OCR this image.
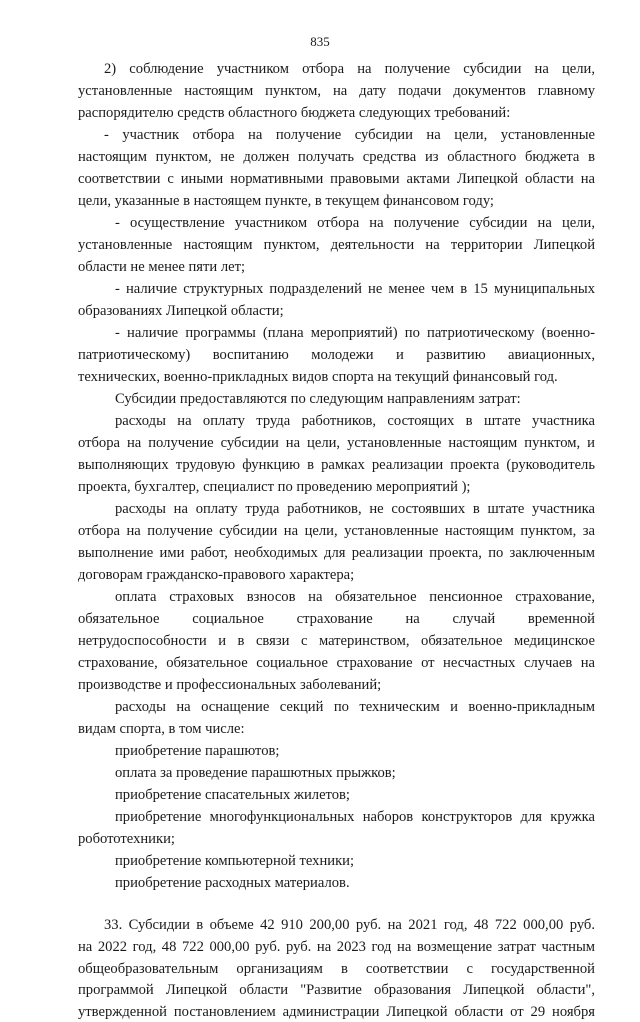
835
2) соблюдение участником отбора на получение субсидии на цели,
установленные настоящим пунктом, на дату подачи документов главному
распорядителю средств областного бюджета следующих требований:
- участник отбора на получение субсидии на цели, установленные
настоящим пунктом, не должен получать средства из областного бюджета в
соответствии с иными нормативными правовыми актами Липецкой области на
цели, указанные в настоящем пункте, в текущем финансовом году;
- осуществление участником отбора на получение субсидии на цели,
установленные настоящим пунктом, деятельности на территории Липецкой
области не менее пяти лет;
- наличие структурных подразделений не менее чем в 15 муниципальных
образованиях Липецкой области;
- наличие программы (плана мероприятий) по патриотическому (военно-
патриотическому) воспитанию молодежи и развитию авиационных,
технических, военно-прикладных видов спорта на текущий финансовый год.
Субсидии предоставляются по следующим направлениям затрат:
расходы на оплату труда работников, состоящих в штате участника
отбора на получение субсидии на цели, установленные настоящим пунктом, и
выполняющих трудовую функцию в рамках реализации проекта (руководитель
проекта, бухгалтер, специалист по проведению мероприятий );
расходы на оплату труда работников, не состоявших в штате участника
отбора на получение субсидии на цели, установленные настоящим пунктом, за
выполнение ими работ, необходимых для реализации проекта, по заключенным
договорам гражданско-правового характера;
оплата страховых взносов на обязательное пенсионное страхование,
обязательное социальное страхование на случай временной
нетрудоспособности и в связи с материнством, обязательное медицинское
страхование, обязательное социальное страхование от несчастных случаев на
производстве и профессиональных заболеваний;
расходы на оснащение секций по техническим и военно-прикладным
видам спорта, в том числе:
приобретение парашютов;
оплата за проведение парашютных прыжков;
приобретение спасательных жилетов;
приобретение многофункциональных наборов конструкторов для кружка
робототехники;
приобретение компьютерной техники;
приобретение расходных материалов.
33. Субсидии в объеме 42 910 200,00 руб. на 2021 год, 48 722 000,00 руб.
на 2022 год, 48 722 000,00 руб. руб. на 2023 год на возмещение затрат частным
общеобразовательным организациям в соответствии с государственной
программой Липецкой области "Развитие образования Липецкой области",
утвержденной постановлением администрации Липецкой области от 29 ноября
